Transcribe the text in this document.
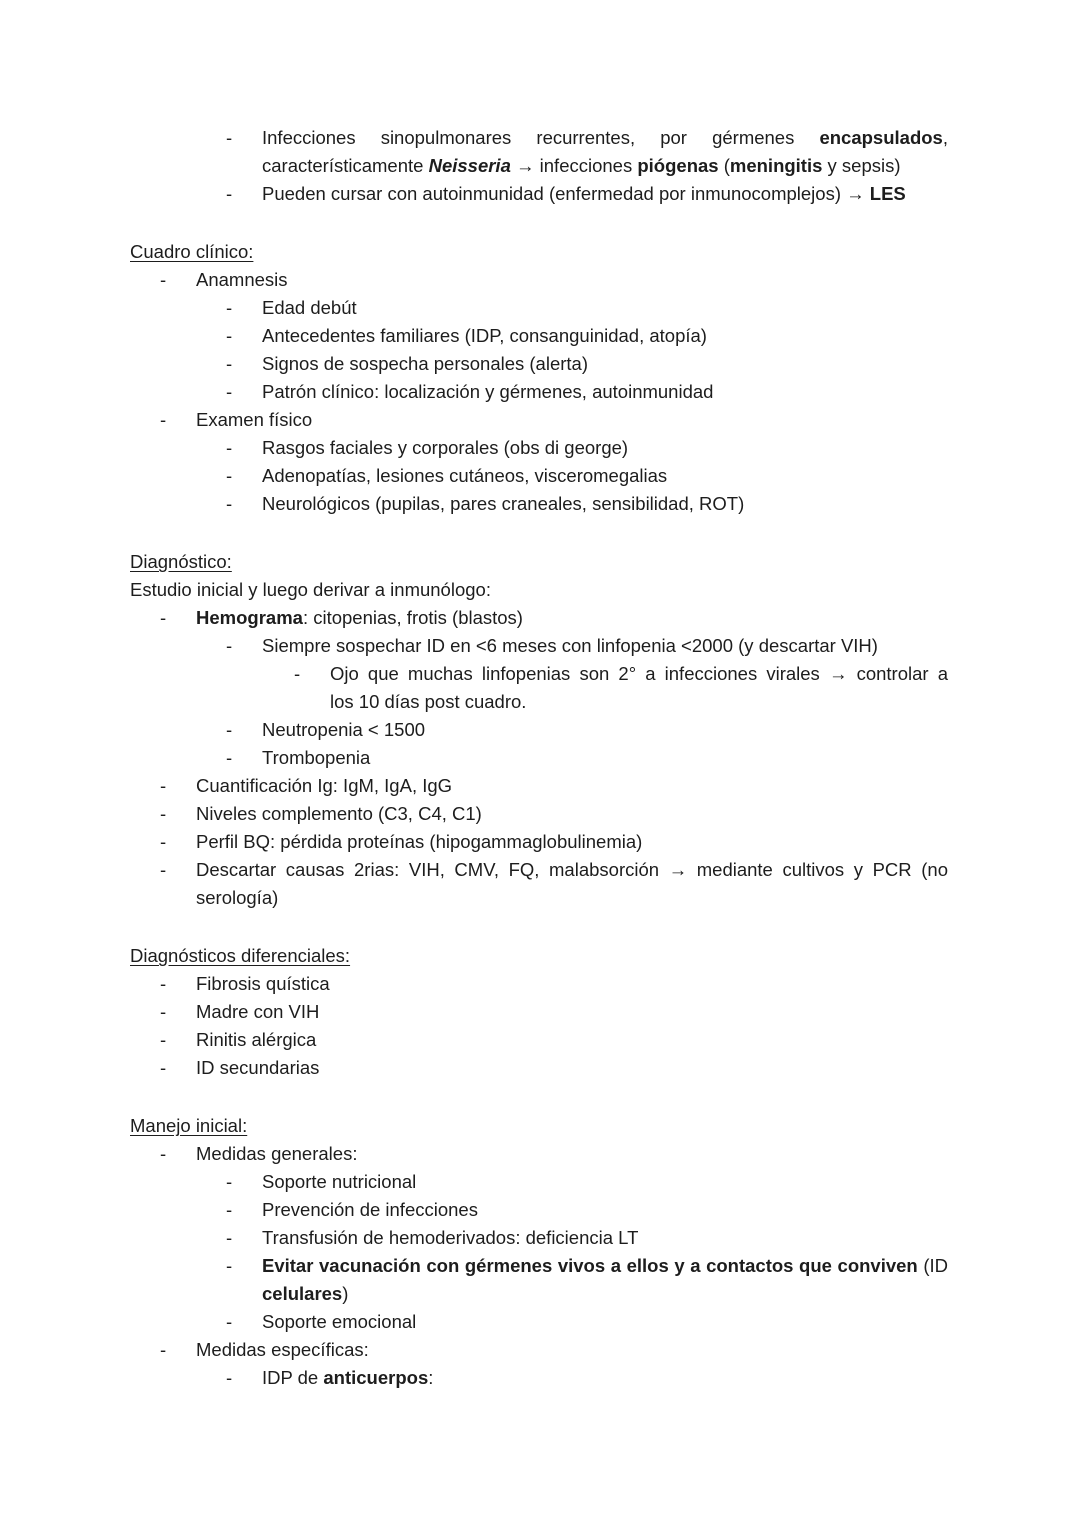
-	Infecciones sinopulmonares recurrentes, por gérmenes encapsulados,
característicamente Neisseria → infecciones piógenas (meningitis y sepsis)
-	Pueden cursar con autoinmunidad (enfermedad por inmunocomplejos) → LES
Cuadro clínico:
-	Anamnesis
-	Edad debút
-	Antecedentes familiares (IDP, consanguinidad, atopía)
-	Signos de sospecha personales (alerta)
-	Patrón clínico: localización y gérmenes, autoinmunidad
-	Examen físico
-	Rasgos faciales y corporales (obs di george)
-	Adenopatías, lesiones cutáneos, visceromegalias
-	Neurológicos (pupilas, pares craneales, sensibilidad, ROT)
Diagnóstico:
Estudio inicial y luego derivar a inmunólogo:
-	Hemograma: citopenias, frotis (blastos)
-	Siempre sospechar ID en <6 meses con linfopenia <2000 (y descartar VIH)
-	Ojo que muchas linfopenias son 2° a infecciones virales → controlar a
los 10 días post cuadro.
-	Neutropenia < 1500
-	Trombopenia
-	Cuantificación Ig: IgM, IgA, IgG
-	Niveles complemento (C3, C4, C1)
-	Perfil BQ: pérdida proteínas (hipogammaglobulinemia)
-	Descartar causas 2rias: VIH, CMV, FQ, malabsorción → mediante cultivos y PCR (no
serología)
Diagnósticos diferenciales:
-	Fibrosis quística
-	Madre con VIH
-	Rinitis alérgica
-	ID secundarias
Manejo inicial:
-	Medidas generales:
-	Soporte nutricional
-	Prevención de infecciones
-	Transfusión de hemoderivados: deficiencia LT
-	Evitar vacunación con gérmenes vivos a ellos y a contactos que conviven (ID
celulares)
-	Soporte emocional
-	Medidas específicas:
-	IDP de anticuerpos:
